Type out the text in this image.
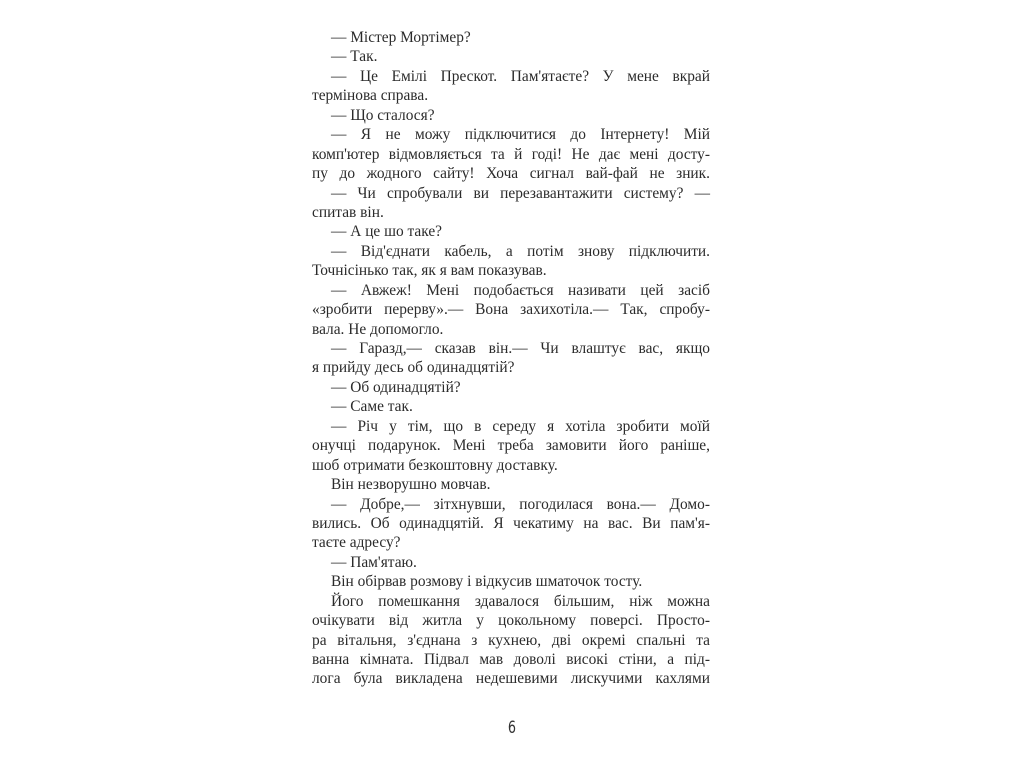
— Містер Мортімер?
— Так.
— Це Емілі Прескот. Пам'ятаєте? У мене вкрай
термінова справа.
— Що сталося?
— Я не можу підключитися до Інтернету! Мій
комп'ютер відмовляється та й годі! Не дає мені досту-
пу до жодного сайту! Хоча сигнал вай-фай не зник.
— Чи спробували ви перезавантажити систему? —
спитав він.
— А це шо таке?
— Від'єднати кабель, а потім знову підключити.
Точнісінько так, як я вам показував.
— Авжеж! Мені подобається називати цей засіб
«зробити перерву».— Вона захихотіла.— Так, спробу-
вала. Не допомогло.
— Гаразд,— сказав він.— Чи влаштує вас, якщо
я прийду десь об одинадцятій?
— Об одинадцятій?
— Саме так.
— Річ у тім, що в середу я хотіла зробити моїй
онучці подарунок. Мені треба замовити його раніше,
шоб отримати безкоштовну доставку.
Він незворушно мовчав.
— Добре,— зітхнувши, погодилася вона.— Домо-
вились. Об одинадцятій. Я чекатиму на вас. Ви пам'я-
таєте адресу?
— Пам'ятаю.
Він обірвав розмову і відкусив шматочок тосту.
Його помешкання здавалося більшим, ніж можна
очікувати від житла у цокольному поверсі. Просто-
ра вітальня, з'єднана з кухнею, дві окремі спальні та
ванна кімната. Підвал мав доволі високі стіни, а під-
лога була викладена недешевими лискучими кахлями
6
